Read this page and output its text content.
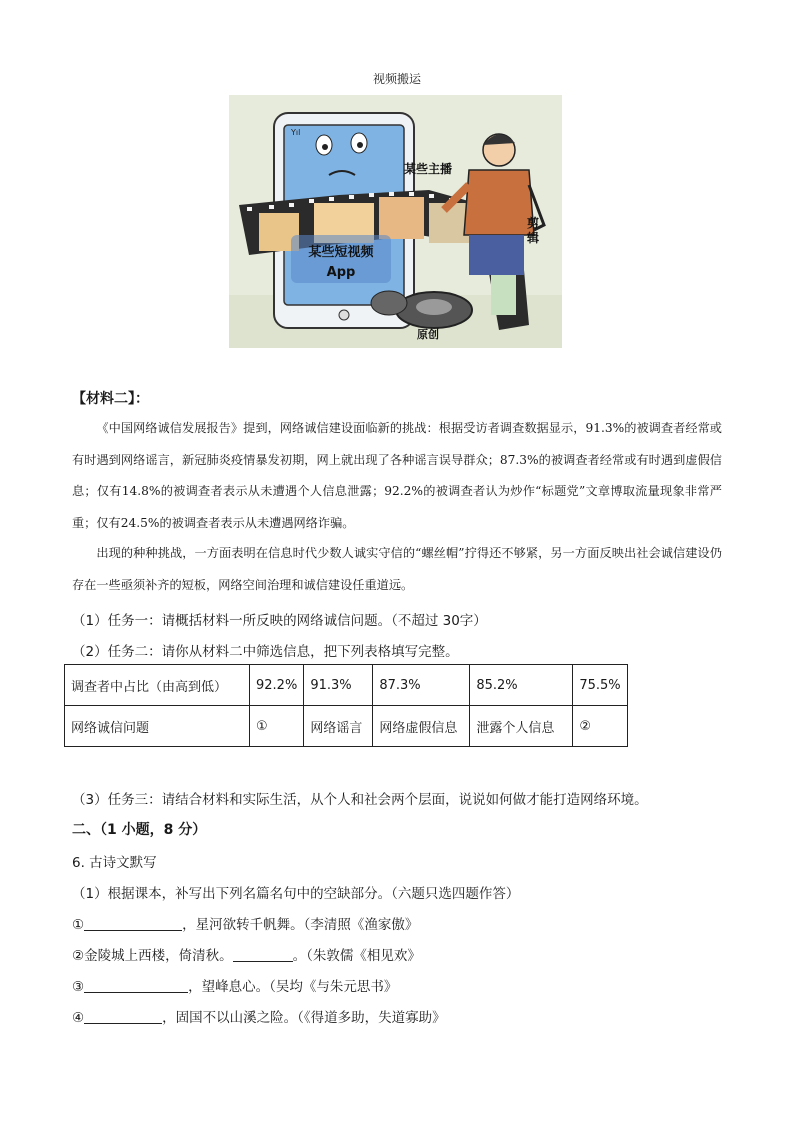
视频搬运
Yıl
某些主播
剪 辑
某些短视频
App
原创
【材料二】：
《中国网络诚信发展报告》提到，网络诚信建设面临新的挑战：根据受访者调查数据显示，91.3%的被调查者经常或有时遇到网络谣言，新冠肺炎疫情暴发初期，网上就出现了各种谣言误导群众；87.3%的被调查者经常或有时遇到虚假信息；仅有14.8%的被调查者表示从未遭遇个人信息泄露；92.2%的被调查者认为炒作“标题党”文章博取流量现象非常严重；仅有24.5%的被调查者表示从未遭遇网络诈骗。
出现的种种挑战，一方面表明在信息时代少数人诚实守信的“螺丝帽”拧得还不够紧，另一方面反映出社会诚信建设仍存在一些亟须补齐的短板，网络空间治理和诚信建设任重道远。
（1）任务一：请概括材料一所反映的网络诚信问题。（不超过 30字）
（2）任务二：请你从材料二中筛选信息，把下列表格填写完整。
调查者中占比（由高到低）	92.2%	91.3%	87.3%	85.2%	75.5%
网络诚信问题	①	网络谣言	网络虚假信息	泄露个人信息	②
（3）任务三：请结合材料和实际生活，从个人和社会两个层面，说说如何做才能打造网络环境。
二、（1 小题，8 分）
6. 古诗文默写
（1）根据课本，补写出下列名篇名句中的空缺部分。（六题只选四题作答）
①	，星河欲转千帆舞。（李清照《渔家傲》
②金陵城上西楼，倚清秋。	。（朱敦儒《相见欢》
③	，望峰息心。（吴均《与朱元思书》
④	，固国不以山溪之险。（《得道多助，失道寡助》
